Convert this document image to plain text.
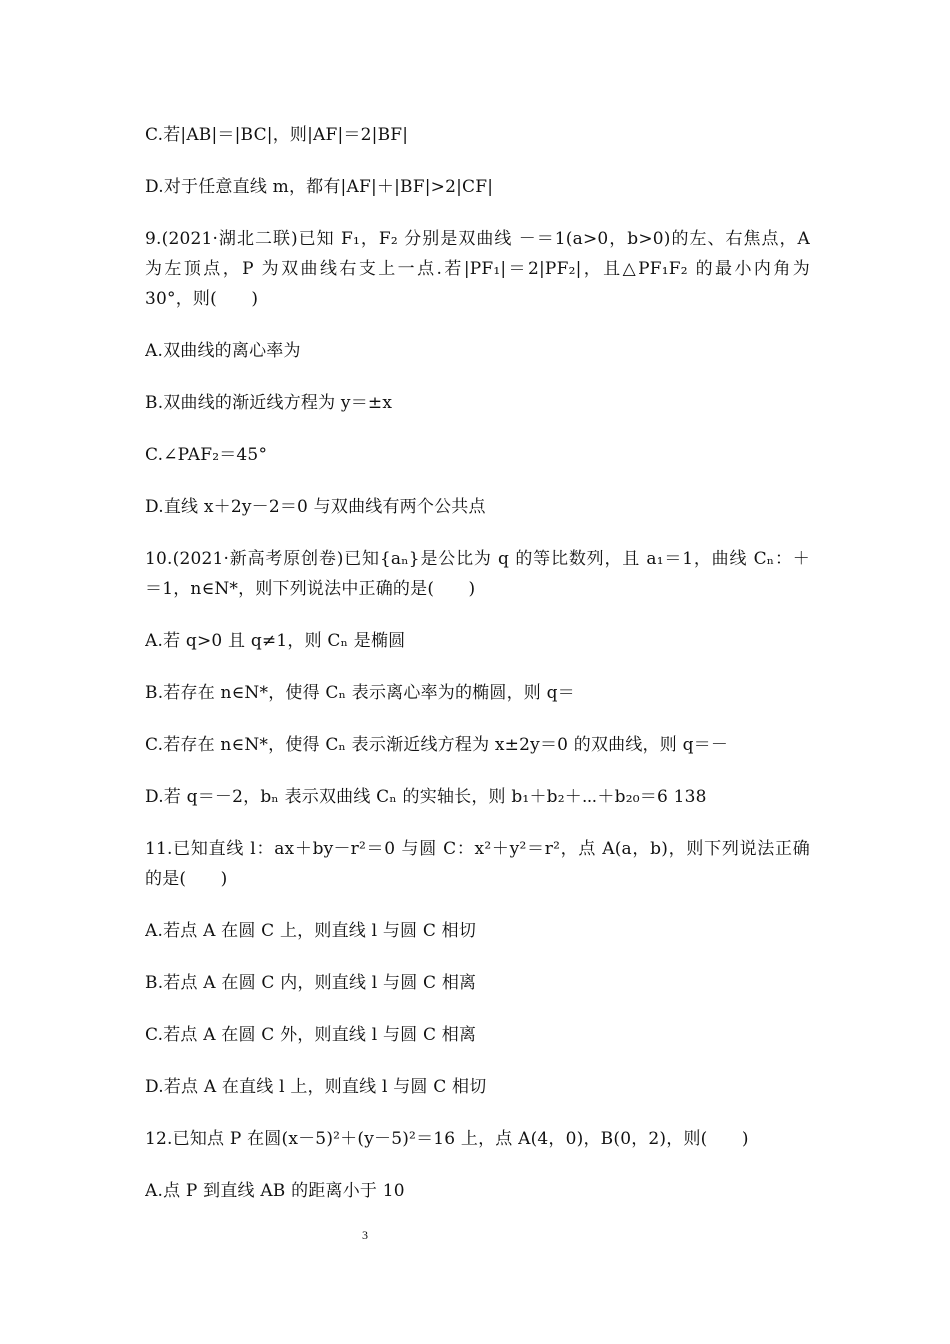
C.若|AB|＝|BC|，则|AF|＝2|BF|
D.对于任意直线 m，都有|AF|＋|BF|>2|CF|
9.(2021·湖北二联)已知 F₁，F₂ 分别是双曲线 －＝1(a>0，b>0)的左、右焦点，A
为左顶点，P 为双曲线右支上一点.若|PF₁|＝2|PF₂|，且△PF₁F₂ 的最小内角为
30°，则(　　)
A.双曲线的离心率为
B.双曲线的渐近线方程为 y＝±x
C.∠PAF₂＝45°
D.直线 x＋2y－2＝0 与双曲线有两个公共点
10.(2021·新高考原创卷)已知{aₙ}是公比为 q 的等比数列，且 a₁＝1，曲线 Cₙ：＋
＝1，n∈N*，则下列说法中正确的是(　　)
A.若 q>0 且 q≠1，则 Cₙ 是椭圆
B.若存在 n∈N*，使得 Cₙ 表示离心率为的椭圆，则 q＝
C.若存在 n∈N*，使得 Cₙ 表示渐近线方程为 x±2y＝0 的双曲线，则 q＝－
D.若 q＝－2，bₙ 表示双曲线 Cₙ 的实轴长，则 b₁＋b₂＋⋯＋b₂₀＝6 138
11.已知直线 l：ax＋by－r²＝0 与圆 C：x²＋y²＝r²，点 A(a，b)，则下列说法正确
的是(　　)
A.若点 A 在圆 C 上，则直线 l 与圆 C 相切
B.若点 A 在圆 C 内，则直线 l 与圆 C 相离
C.若点 A 在圆 C 外，则直线 l 与圆 C 相离
D.若点 A 在直线 l 上，则直线 l 与圆 C 相切
12.已知点 P 在圆(x－5)²＋(y－5)²＝16 上，点 A(4，0)，B(0，2)，则(　　)
A.点 P 到直线 AB 的距离小于 10
3
